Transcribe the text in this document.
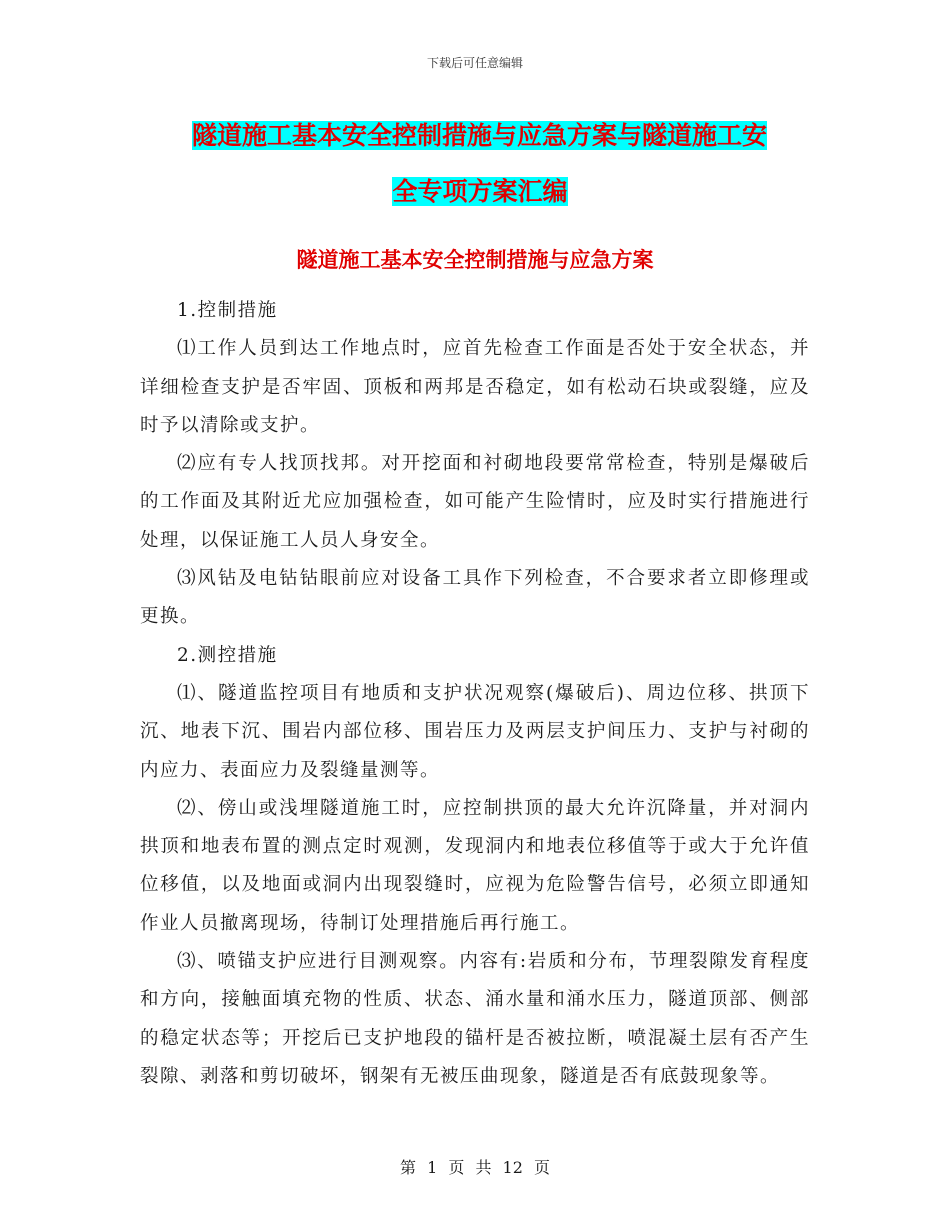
下载后可任意编辑
隧道施工基本安全控制措施与应急方案与隧道施工安
全专项方案汇编
隧道施工基本安全控制措施与应急方案

1.控制措施

⑴工作人员到达工作地点时，应首先检查工作面是否处于安全状态，并详细检查支护是否牢固、顶板和两邦是否稳定，如有松动石块或裂缝，应及时予以清除或支护。

⑵应有专人找顶找邦。对开挖面和衬砌地段要常常检查，特别是爆破后的工作面及其附近尤应加强检查，如可能产生险情时，应及时实行措施进行处理，以保证施工人员人身安全。

⑶风钻及电钻钻眼前应对设备工具作下列检查，不合要求者立即修理或更换。

2.测控措施

⑴、隧道监控项目有地质和支护状况观察(爆破后)、周边位移、拱顶下沉、地表下沉、围岩内部位移、围岩压力及两层支护间压力、支护与衬砌的内应力、表面应力及裂缝量测等。

⑵、傍山或浅埋隧道施工时，应控制拱顶的最大允许沉降量，并对洞内拱顶和地表布置的测点定时观测，发现洞内和地表位移值等于或大于允许值位移值，以及地面或洞内出现裂缝时，应视为危险警告信号，必须立即通知作业人员撤离现场，待制订处理措施后再行施工。

⑶、喷锚支护应进行目测观察。内容有:岩质和分布，节理裂隙发育程度和方向，接触面填充物的性质、状态、涌水量和涌水压力，隧道顶部、侧部的稳定状态等；开挖后已支护地段的锚杆是否被拉断，喷混凝土层有否产生裂隙、剥落和剪切破坏，钢架有无被压曲现象，隧道是否有底鼓现象等。

第 1 页 共 12 页
